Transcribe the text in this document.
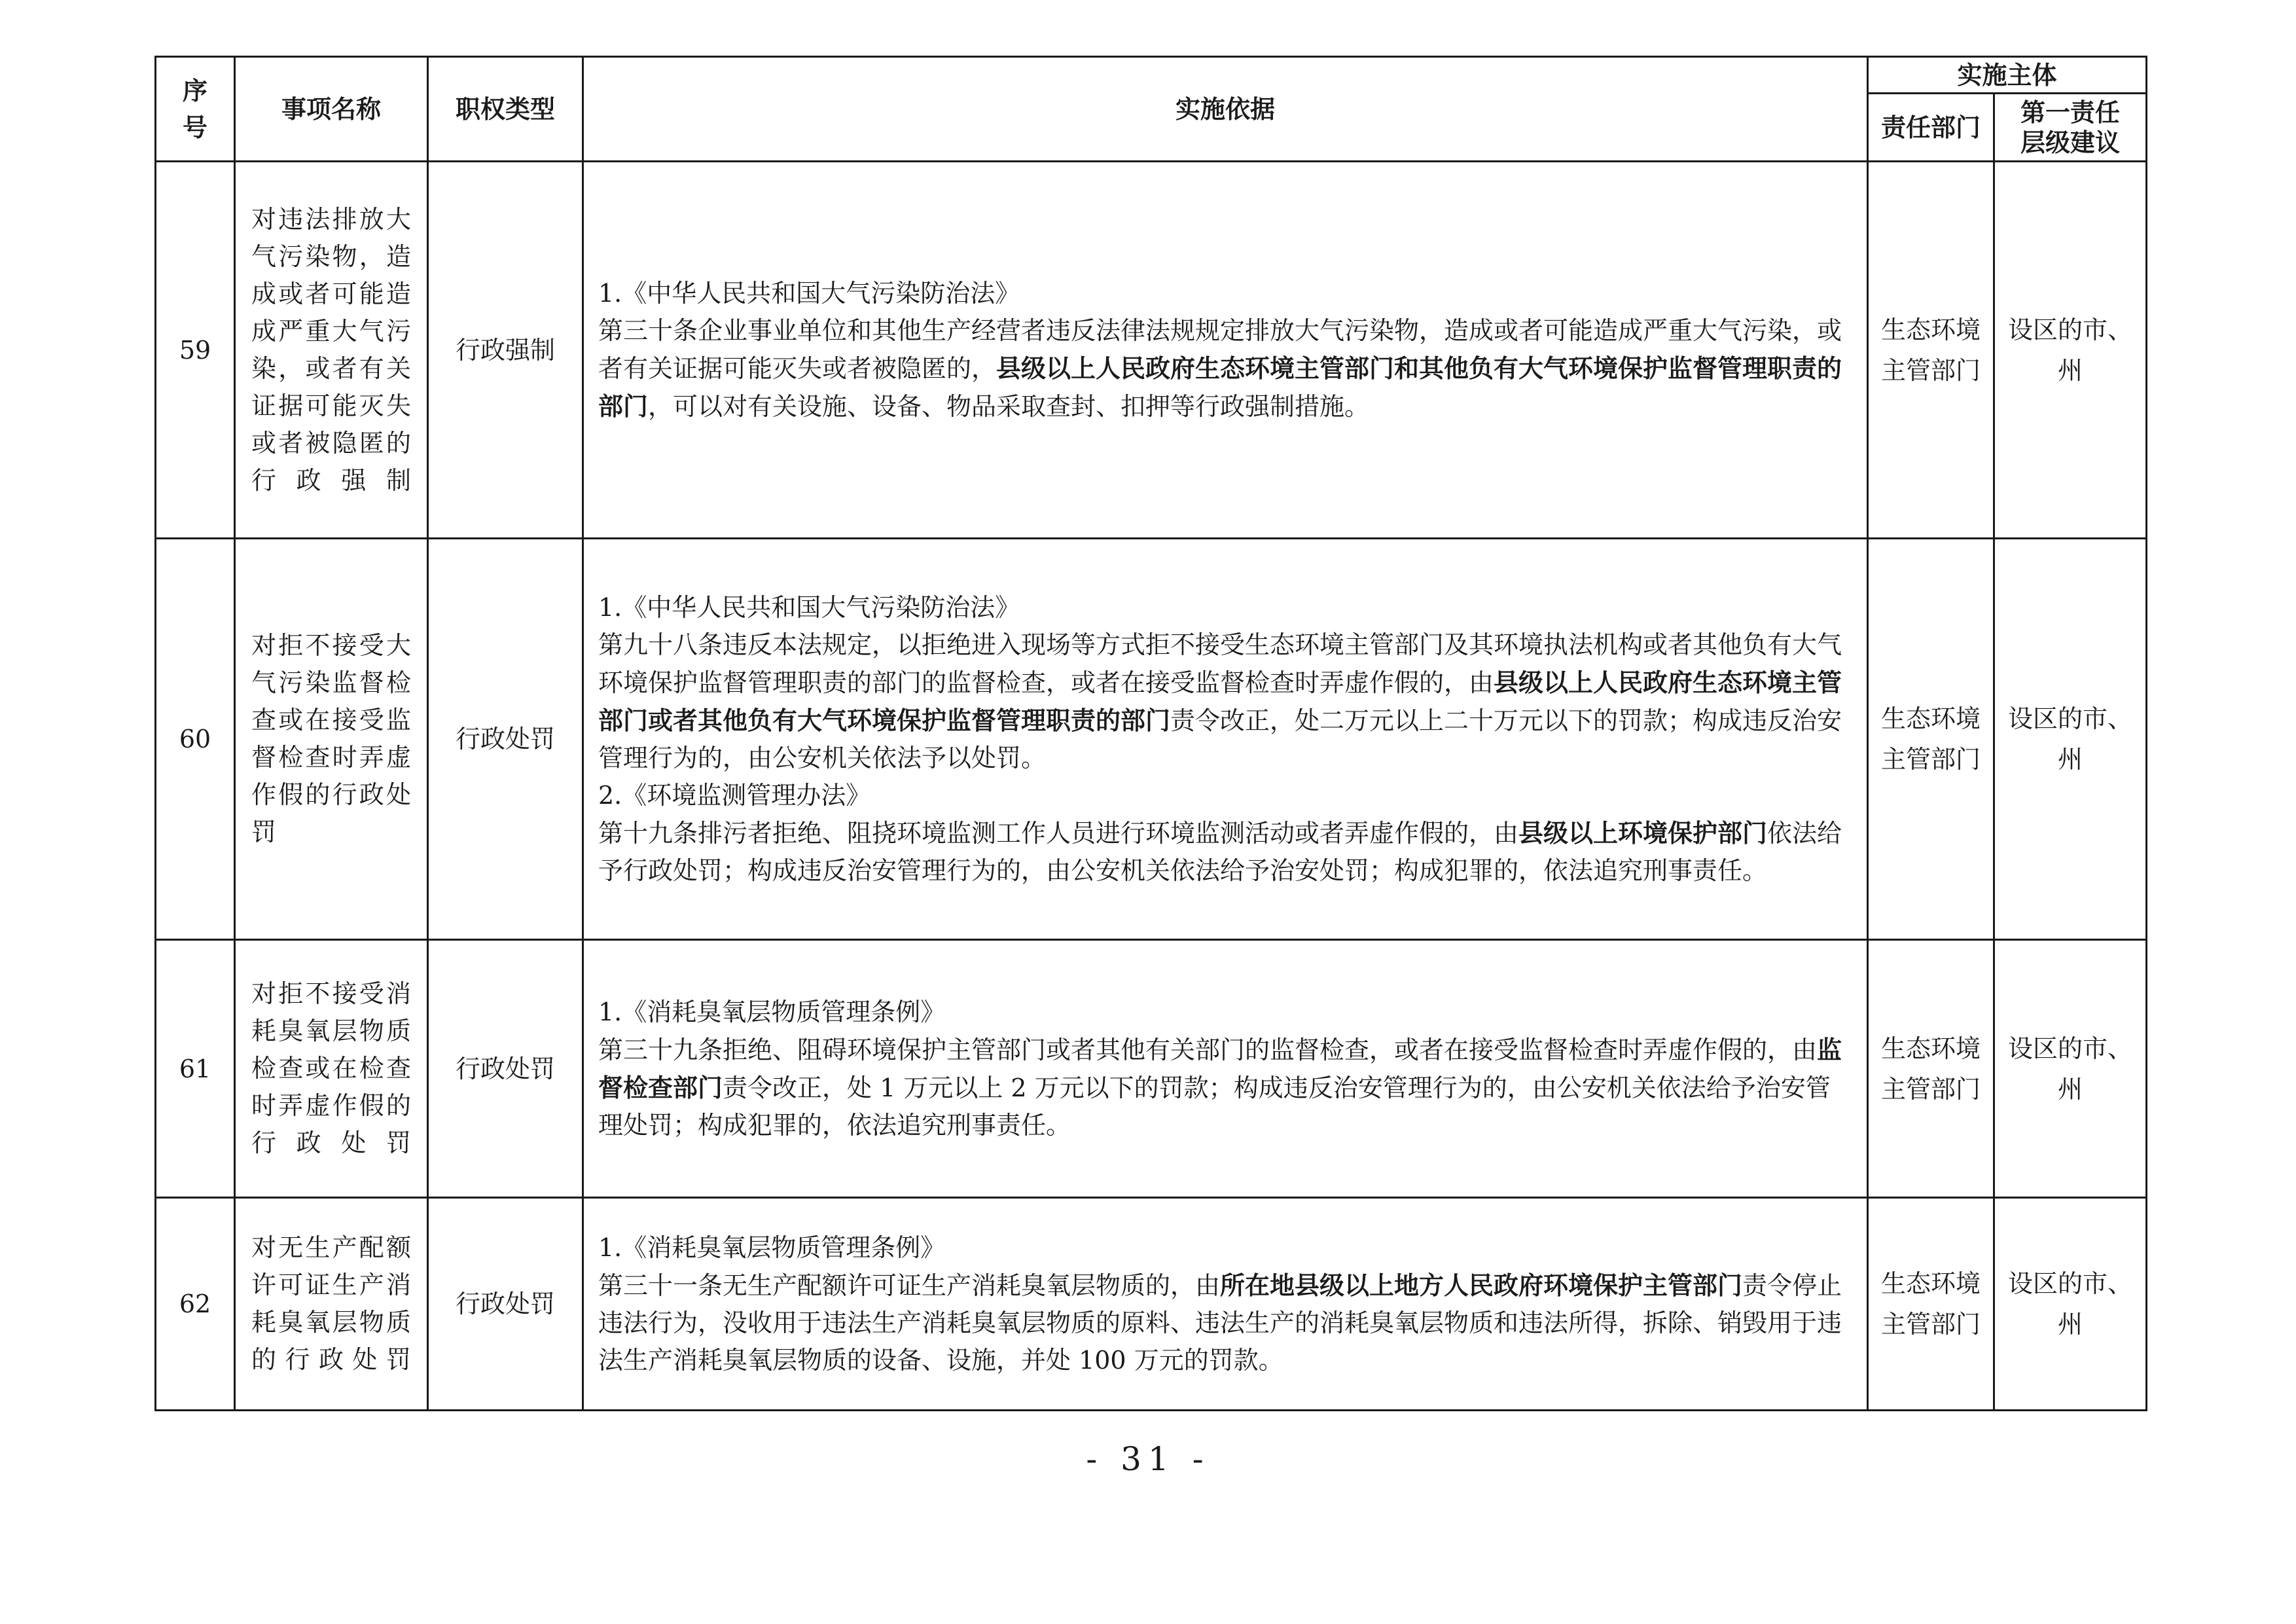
序
号	事项名称	职权类型	实施依据	实施主体	
				责任部门	第一责任
层级建议

59	对违法排放大气污染物，造成或者可能造成严重大气污染，或者有关证据可能灭失或者被隐匿的行政强制	行政强制	1.《中华人民共和国大气污染防治法》

第三十条企业事业单位和其他生产经营者违反法律法规规定排放大气污染物，造成或者可能造成严重大气污染，或者有关证据可能灭失或者被隐匿的，县级以上人民政府生态环境主管部门和其他负有大气环境保护监督管理职责的部门，可以对有关设施、设备、物品采取查封、扣押等行政强制措施。	生态环境主管部门	设区的市、州
60	对拒不接受大气污染监督检查或在接受监督检查时弄虚作假的行政处罚	行政处罚	1.《中华人民共和国大气污染防治法》

第九十八条违反本法规定，以拒绝进入现场等方式拒不接受生态环境主管部门及其环境执法机构或者其他负有大气环境保护监督管理职责的部门的监督检查，或者在接受监督检查时弄虚作假的，由县级以上人民政府生态环境主管部门或者其他负有大气环境保护监督管理职责的部门责令改正，处二万元以上二十万元以下的罚款；构成违反治安管理行为的，由公安机关依法予以处罚。

2.《环境监测管理办法》

第十九条排污者拒绝、阻挠环境监测工作人员进行环境监测活动或者弄虚作假的，由县级以上环境保护部门依法给予行政处罚；构成违反治安管理行为的，由公安机关依法给予治安处罚；构成犯罪的，依法追究刑事责任。	生态环境主管部门	设区的市、州
61	对拒不接受消耗臭氧层物质检查或在检查时弄虚作假的行政处罚	行政处罚	1.《消耗臭氧层物质管理条例》

第三十九条拒绝、阻碍环境保护主管部门或者其他有关部门的监督检查，或者在接受监督检查时弄虚作假的，由监督检查部门责令改正，处 1 万元以上 2 万元以下的罚款；构成违反治安管理行为的，由公安机关依法给予治安管理处罚；构成犯罪的，依法追究刑事责任。	生态环境主管部门	设区的市、州
62	对无生产配额许可证生产消耗臭氧层物质的行政处罚	行政处罚	1.《消耗臭氧层物质管理条例》

第三十一条无生产配额许可证生产消耗臭氧层物质的，由所在地县级以上地方人民政府环境保护主管部门责令停止违法行为，没收用于违法生产消耗臭氧层物质的原料、违法生产的消耗臭氧层物质和违法所得，拆除、销毁用于违法生产消耗臭氧层物质的设备、设施，并处 100 万元的罚款。	生态环境主管部门	设区的市、州
- 31 -
